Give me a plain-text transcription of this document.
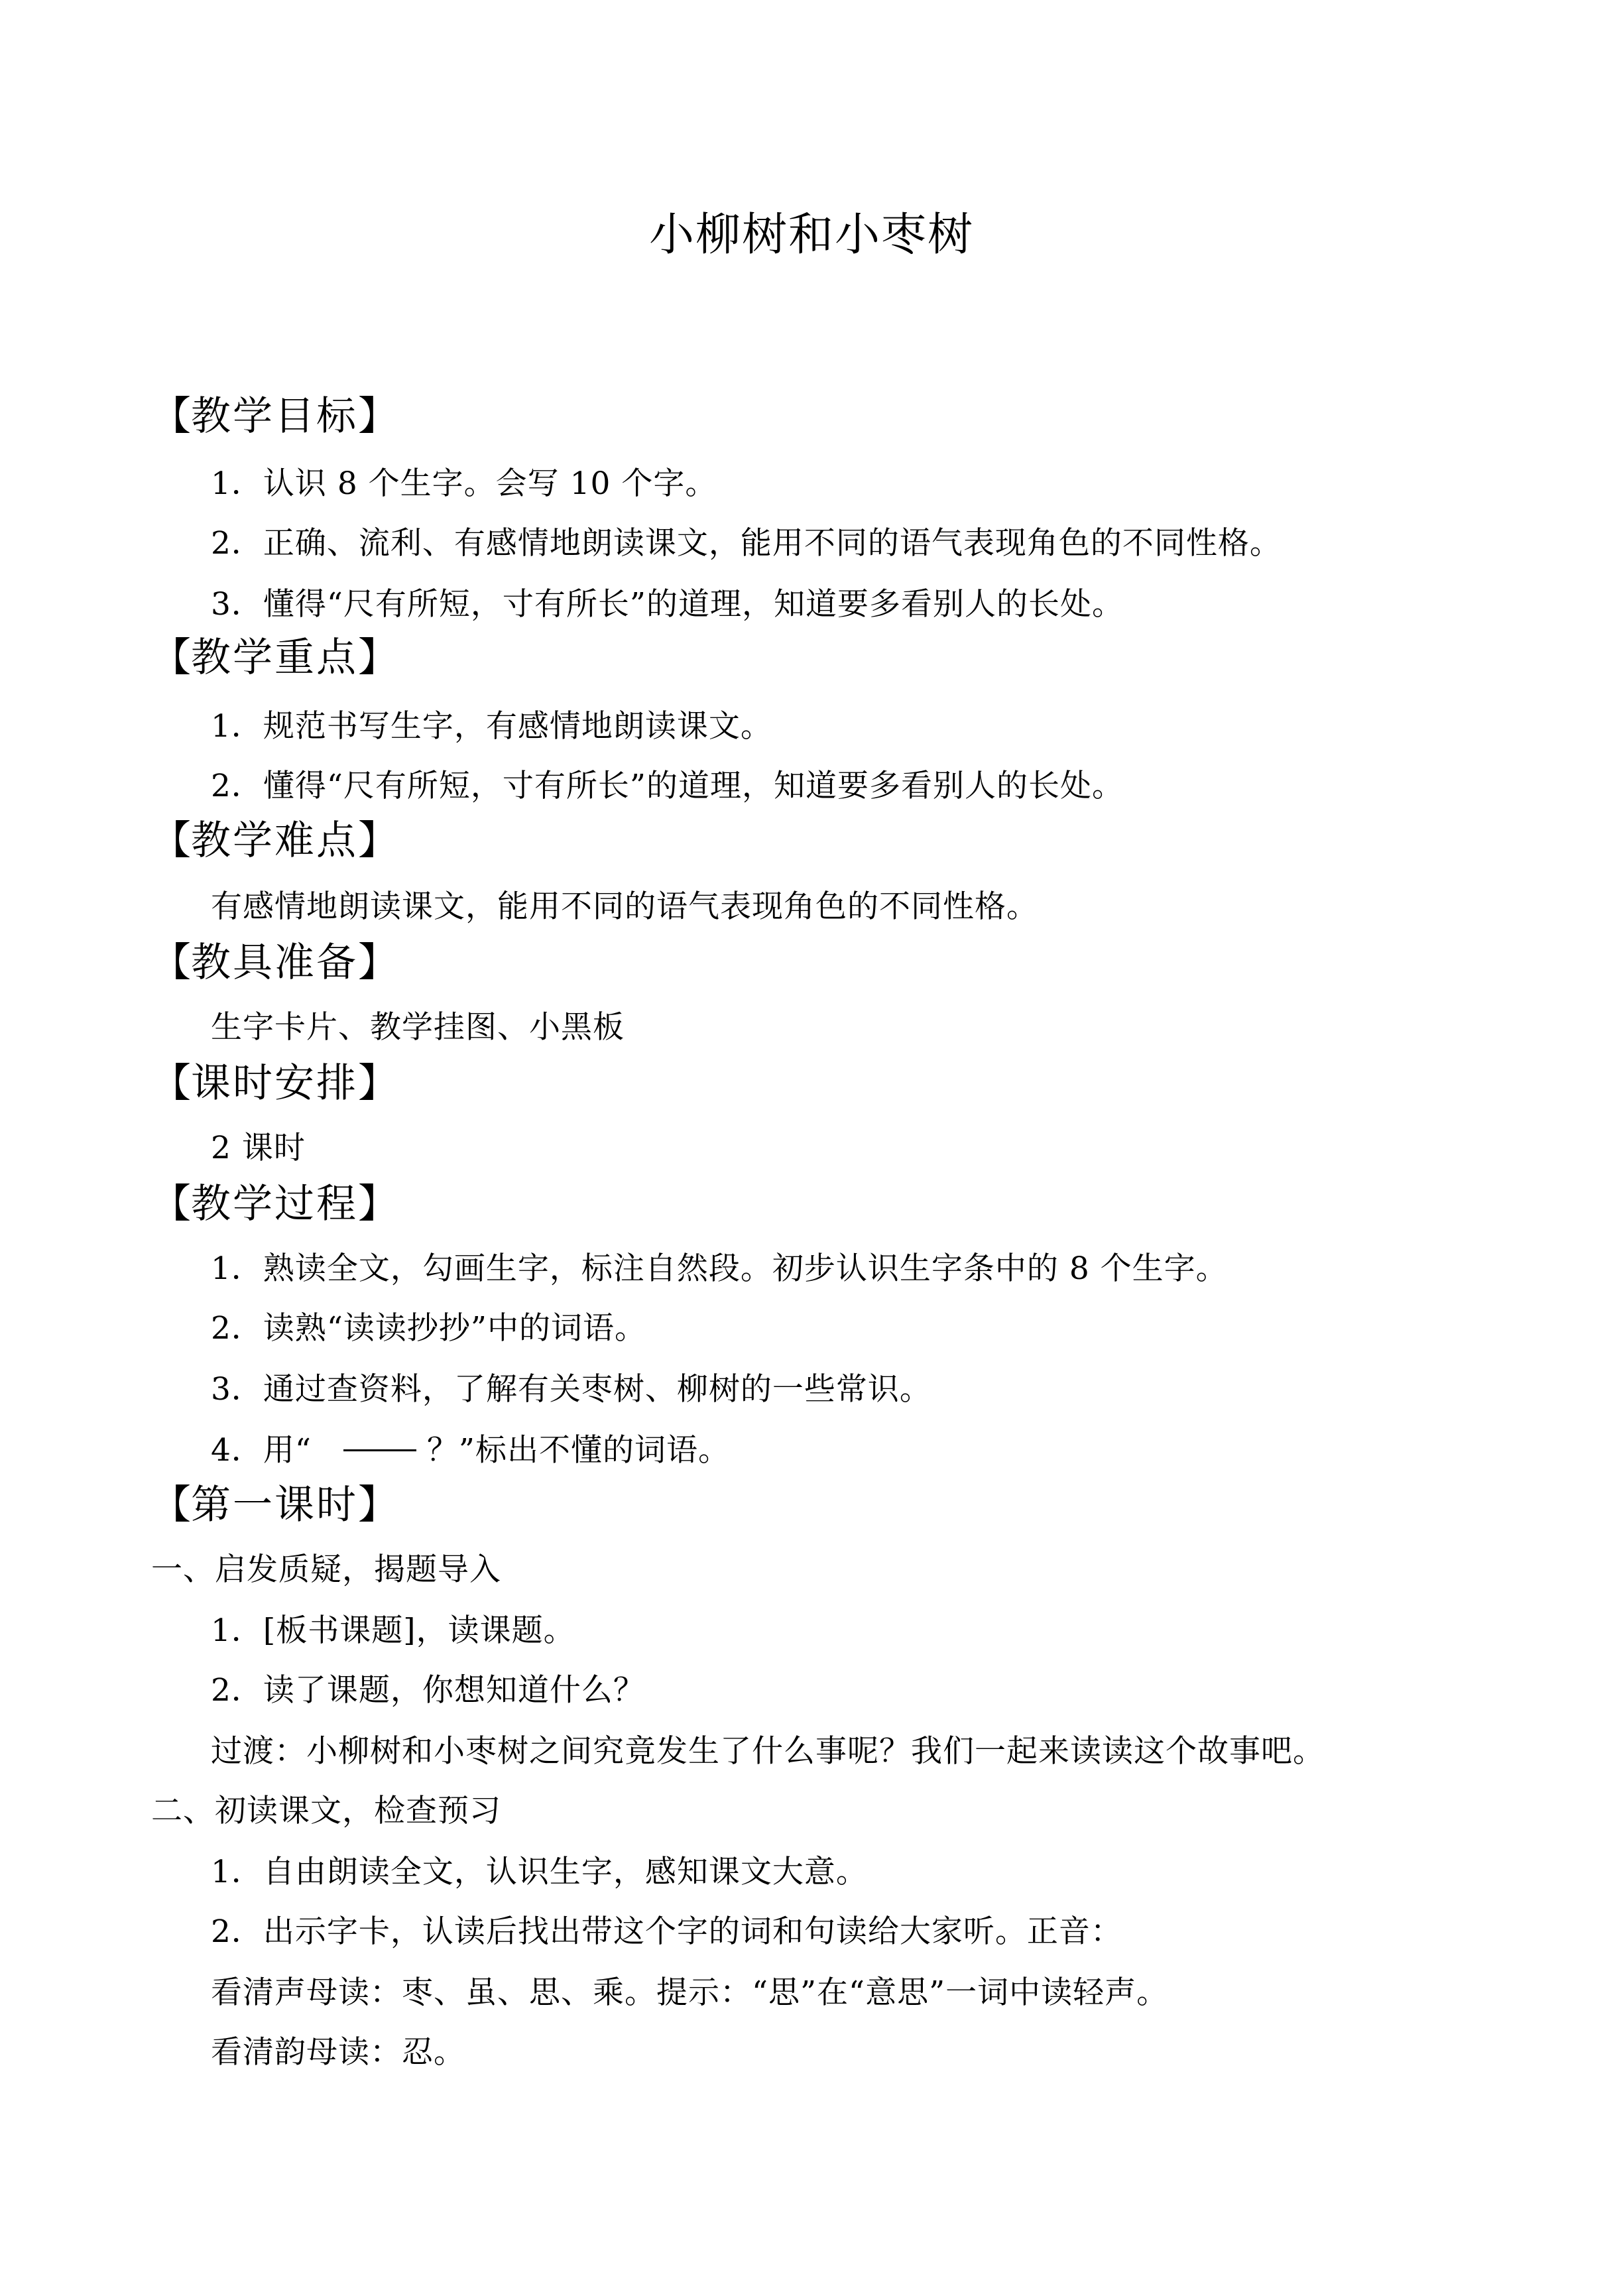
小柳树和小枣树
【教学目标】
1．认识 8 个生字。会写 10 个字。
2．正确、流利、有感情地朗读课文，能用不同的语气表现角色的不同性格。
3．懂得“尺有所短，寸有所长”的道理，知道要多看别人的长处。
【教学重点】
1．规范书写生字，有感情地朗读课文。
2．懂得“尺有所短，寸有所长”的道理，知道要多看别人的长处。
【教学难点】
有感情地朗读课文，能用不同的语气表现角色的不同性格。
【教具准备】
生字卡片、教学挂图、小黑板
【课时安排】
2 课时
【教学过程】
1．熟读全文，勾画生字，标注自然段。初步认识生字条中的 8 个生字。
2．读熟“读读抄抄”中的词语。
3．通过查资料，了解有关枣树、柳树的一些常识。
4．用“	？”标出不懂的词语。
【第一课时】
一、启发质疑，揭题导入
1．[板书课题]，读课题。
2．读了课题，你想知道什么？
过渡：小柳树和小枣树之间究竟发生了什么事呢？我们一起来读读这个故事吧。
二、初读课文，检查预习
1．自由朗读全文，认识生字，感知课文大意。
2．出示字卡，认读后找出带这个字的词和句读给大家听。正音：
看清声母读：枣、虽、思、乘。提示：“思”在“意思”一词中读轻声。
看清韵母读：忍。
